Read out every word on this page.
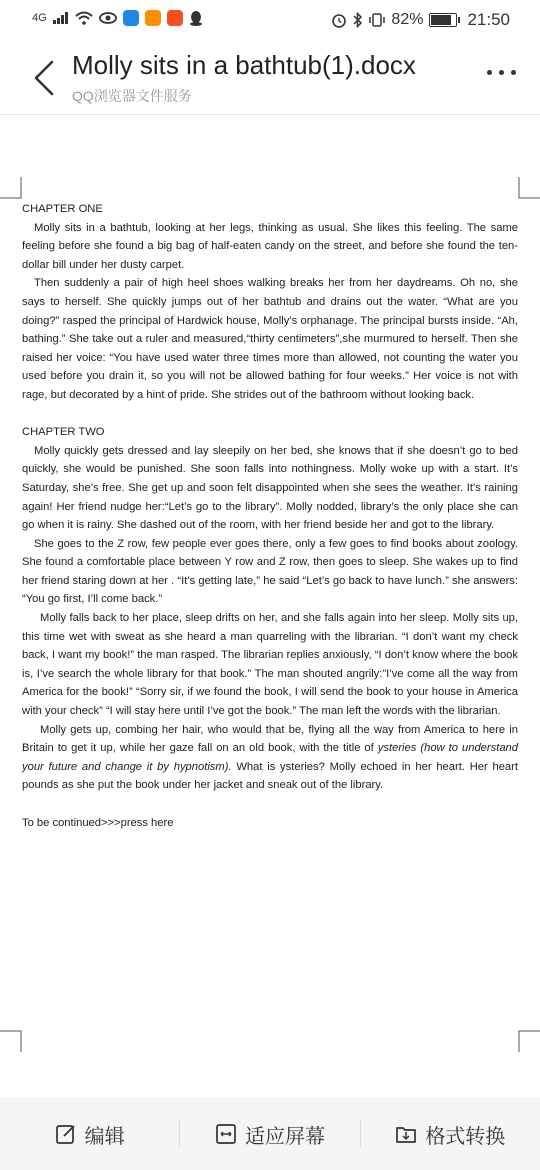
4G	82%	21:50
Molly sits in a bathtub(1).docx
QQ浏览器文件服务

CHAPTER ONE

Molly sits in a bathtub, looking at her legs, thinking as usual. She likes this feeling. The same feeling before she found a big bag of half-eaten candy on the street, and before she found the ten-dollar bill under her dusty carpet.

Then suddenly a pair of high heel shoes walking breaks her from her daydreams. Oh no, she says to herself. She quickly jumps out of her bathtub and drains out the water. “What are you doing?” rasped the principal of Hardwick house, Molly’s orphanage. The principal bursts inside. “Ah, bathing.” She take out a ruler and measured,“thirty centimeters”,she murmured to herself. Then she raised her voice: “You have used water three times more than allowed, not counting the water you used before you drain it, so you will not be allowed bathing for four weeks.” Her voice is not with rage, but decorated by a hint of pride. She strides out of the bathroom without looking back.

CHAPTER TWO

Molly quickly gets dressed and lay sleepily on her bed, she knows that if she doesn’t go to bed quickly, she would be punished. She soon falls into nothingness. Molly woke up with a start. It’s Saturday, she’s free. She get up and soon felt disappointed when she sees the weather. It’s raining again! Her friend nudge her:“Let’s go to the library”. Molly nodded, library’s the only place she can go when it is rainy. She dashed out of the room, with her friend beside her and got to the library.

She goes to the Z row, few people ever goes there, only a few goes to find books about zoology. She found a comfortable place between Y row and Z row, then goes to sleep. She wakes up to find her friend staring down at her . “It’s getting late,” he said “Let’s go back to have lunch.” she answers: “You go first, I’ll come back.”

Molly falls back to her place, sleep drifts on her, and she falls again into her sleep. Molly sits up, this time wet with sweat as she heard a man quarreling with the librarian. “I don’t want my check back, I want my book!” the man rasped. The librarian replies anxiously, “I don’t know where the book is, I’ve search the whole library for that book.” The man shouted angrily:”I’ve come all the way from America for the book!” “Sorry sir, if we found the book, I will send the book to your house in America with your check” “I will stay here until I’ve got the book.” The man left the words with the librarian.

Molly gets up, combing her hair, who would that be, flying all the way from America to here in Britain to get it up, while her gaze fall on an old book, with the title of ysteries (how to understand your future and change it by hypnotism). What is ysteries? Molly echoed in her heart. Her heart pounds as she put the book under her jacket and sneak out of the library.

To be continued>>>press here

编辑	适应屏幕	格式转换
